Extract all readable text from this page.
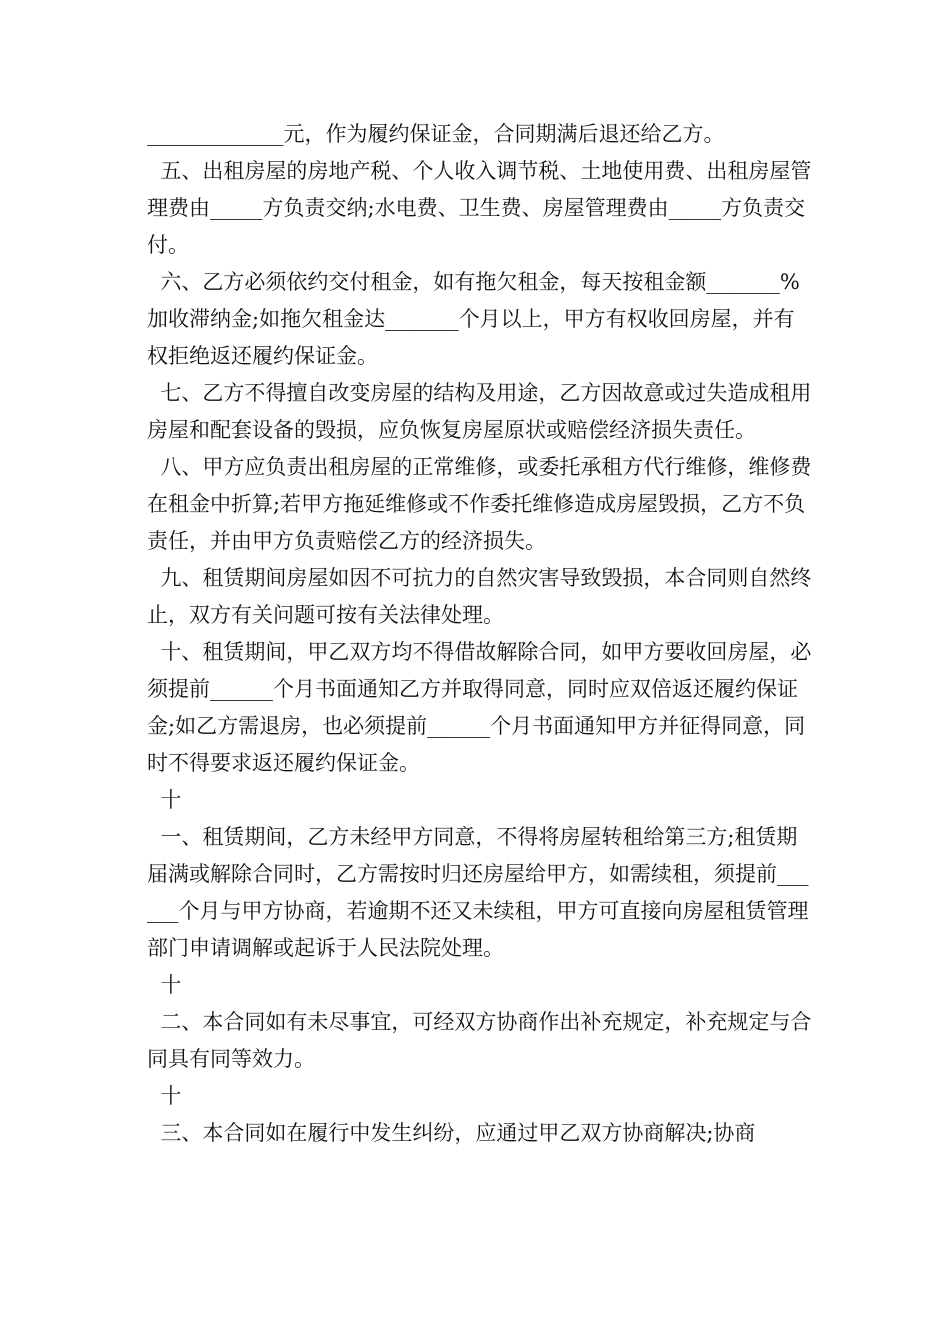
_____________元，作为履约保证金，合同期满后退还给乙方。

五、出租房屋的房地产税、个人收入调节税、土地使用费、出租房屋管理费由_____方负责交纳;水电费、卫生费、房屋管理费由_____方负责交付。

六、乙方必须依约交付租金，如有拖欠租金，每天按租金额_______%加收滞纳金;如拖欠租金达_______个月以上，甲方有权收回房屋，并有权拒绝返还履约保证金。

七、乙方不得擅自改变房屋的结构及用途，乙方因故意或过失造成租用房屋和配套设备的毁损，应负恢复房屋原状或赔偿经济损失责任。

八、甲方应负责出租房屋的正常维修，或委托承租方代行维修，维修费在租金中折算;若甲方拖延维修或不作委托维修造成房屋毁损，乙方不负责任，并由甲方负责赔偿乙方的经济损失。

九、租赁期间房屋如因不可抗力的自然灾害导致毁损，本合同则自然终止，双方有关问题可按有关法律处理。

十、租赁期间，甲乙双方均不得借故解除合同，如甲方要收回房屋，必须提前______个月书面通知乙方并取得同意，同时应双倍返还履约保证金;如乙方需退房，也必须提前______个月书面通知甲方并征得同意，同时不得要求返还履约保证金。

十

一、租赁期间，乙方未经甲方同意，不得将房屋转租给第三方;租赁期届满或解除合同时，乙方需按时归还房屋给甲方，如需续租，须提前______个月与甲方协商，若逾期不还又未续租，甲方可直接向房屋租赁管理部门申请调解或起诉于人民法院处理。

十

二、本合同如有未尽事宜，可经双方协商作出补充规定，补充规定与合同具有同等效力。

十

三、本合同如在履行中发生纠纷，应通过甲乙双方协商解决;协商
